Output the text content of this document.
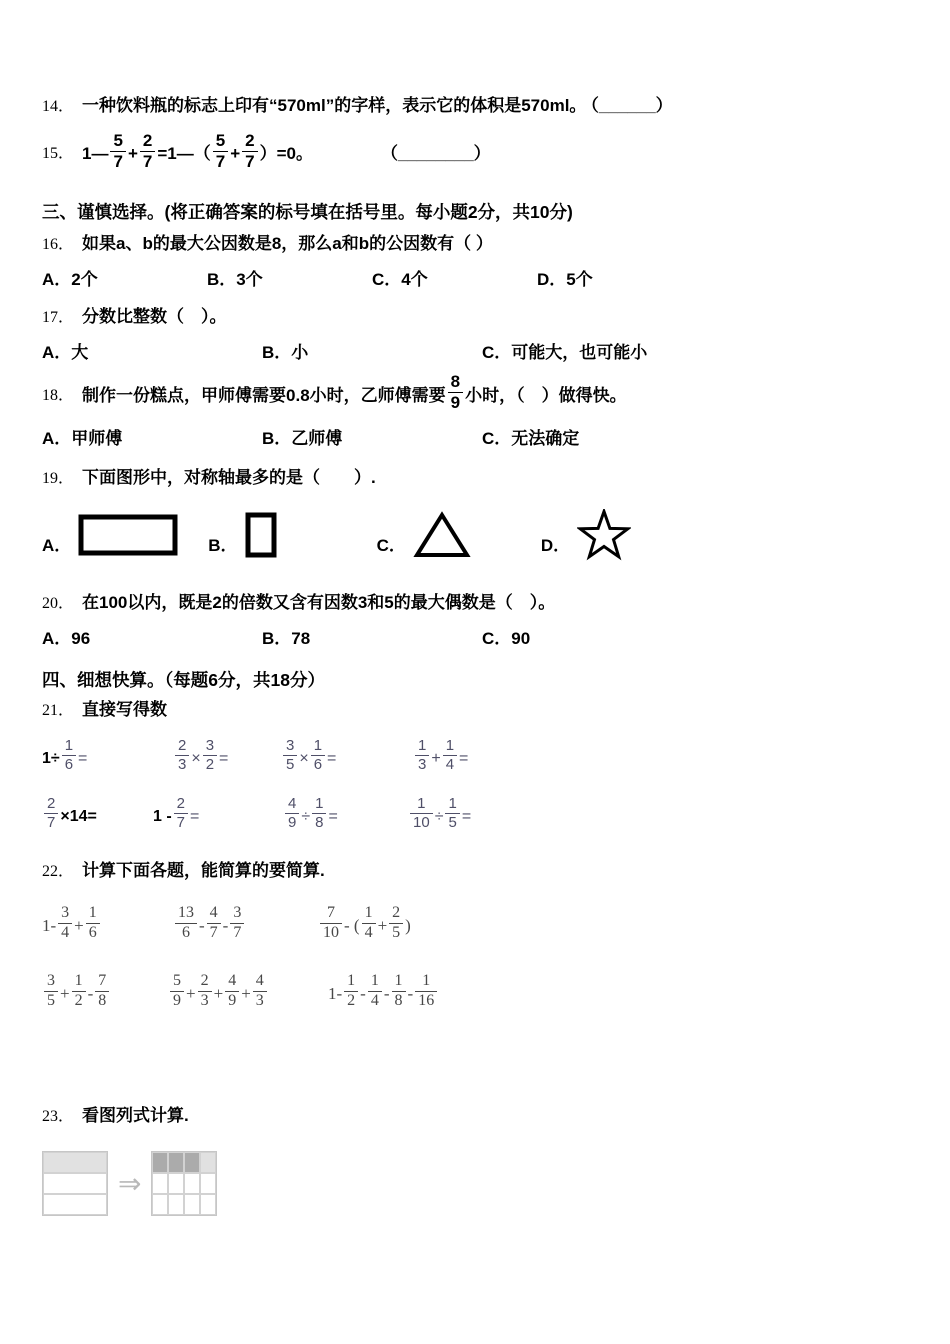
14． 一种饮料瓶的标志上印有“570ml”的字样，表示它的体积是570ml。 （______）
15． 1— $\frac{5}{7} + \frac{2}{7}$ =1—（ $\frac{5}{7} + \frac{2}{7} )=0$。	（________）
三、谨慎选择。(将正确答案的标号填在括号里。每小题2分，共10分)
16． 如果a、b的最大公因数是8，那么a和b的公因数有（ ）
A．2个	B．3个	C．4个	D．5个
17． 分数比整数（　）。
A．大	B．小	C．可能大，也可能小
18． 制作一份糕点，甲师傅需要0.8小时，乙师傅需要 $\frac{8}{9}$ 小时，（　）做得快。
A．甲师傅	B．乙师傅	C．无法确定
19． 下面图形中，对称轴最多的是（　　）.
A．	B．	C．	D．
20． 在100以内，既是2的倍数又含有因数3和5的最大偶数是（　）。
A．96	B．78	C．90
四、细想快算。（每题6分，共18分）
21． 直接写得数
$1\div \frac{1}{6}$ =	$\frac{2}{3} \times \frac{3}{2}$ =	$\frac{3}{5} \times \frac{1}{6}$ =	$\frac{1}{3} + \frac{1}{4}$ =
$\frac{2}{7} \times 14=$	$1 - \frac{2}{7}$ =	$\frac{4}{9} \div \frac{1}{8}$ =	$\frac{1}{10} \div \frac{1}{5}$ =
22． 计算下面各题，能简算的要简算.
$1- \frac{3}{4} + \frac{1}{6}$	$\frac{13}{6} - \frac{4}{7} - \frac{3}{7}$	$\frac{7}{10}$ - ( $\frac{1}{4} + \frac{2}{5}$ )
$\frac{3}{5} + \frac{1}{2} - \frac{7}{8}$	$\frac{5}{9} + \frac{2}{3} + \frac{4}{9} + \frac{4}{3}$	$1- \frac{1}{2} - \frac{1}{4} - \frac{1}{8} - \frac{1}{16}$
23． 看图列式计算.
⇒
